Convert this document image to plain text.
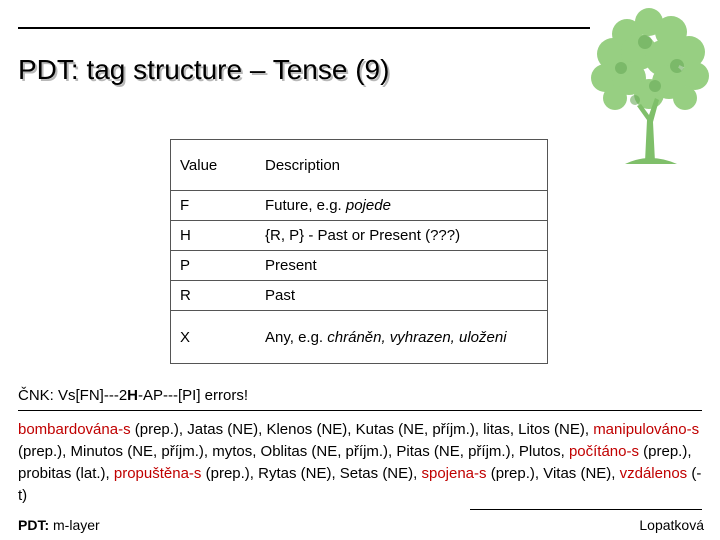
PDT: tag structure – Tense (9)
Value	Description
F	Future, e.g. pojede
H	{R, P} - Past or Present (???)
P	Present
R	Past
X	Any, e.g. chráněn, vyhrazen, uloženi
ČNK: Vs[FN]---2H-AP---[PI] errors!

bombardována-s (prep.), Jatas (NE), Klenos (NE), Kutas (NE, příjm.), litas, Litos (NE), manipulováno-s (prep.), Minutos (NE, příjm.), mytos, Oblitas (NE, příjm.), Pitas (NE, příjm.), Plutos, počítáno-s (prep.), probitas (lat.), propuštěna-s (prep.), Rytas (NE), Setas (NE), spojena-s (prep.), Vitas (NE), vzdálenos (-t)

PDT: m-layer	Lopatková
